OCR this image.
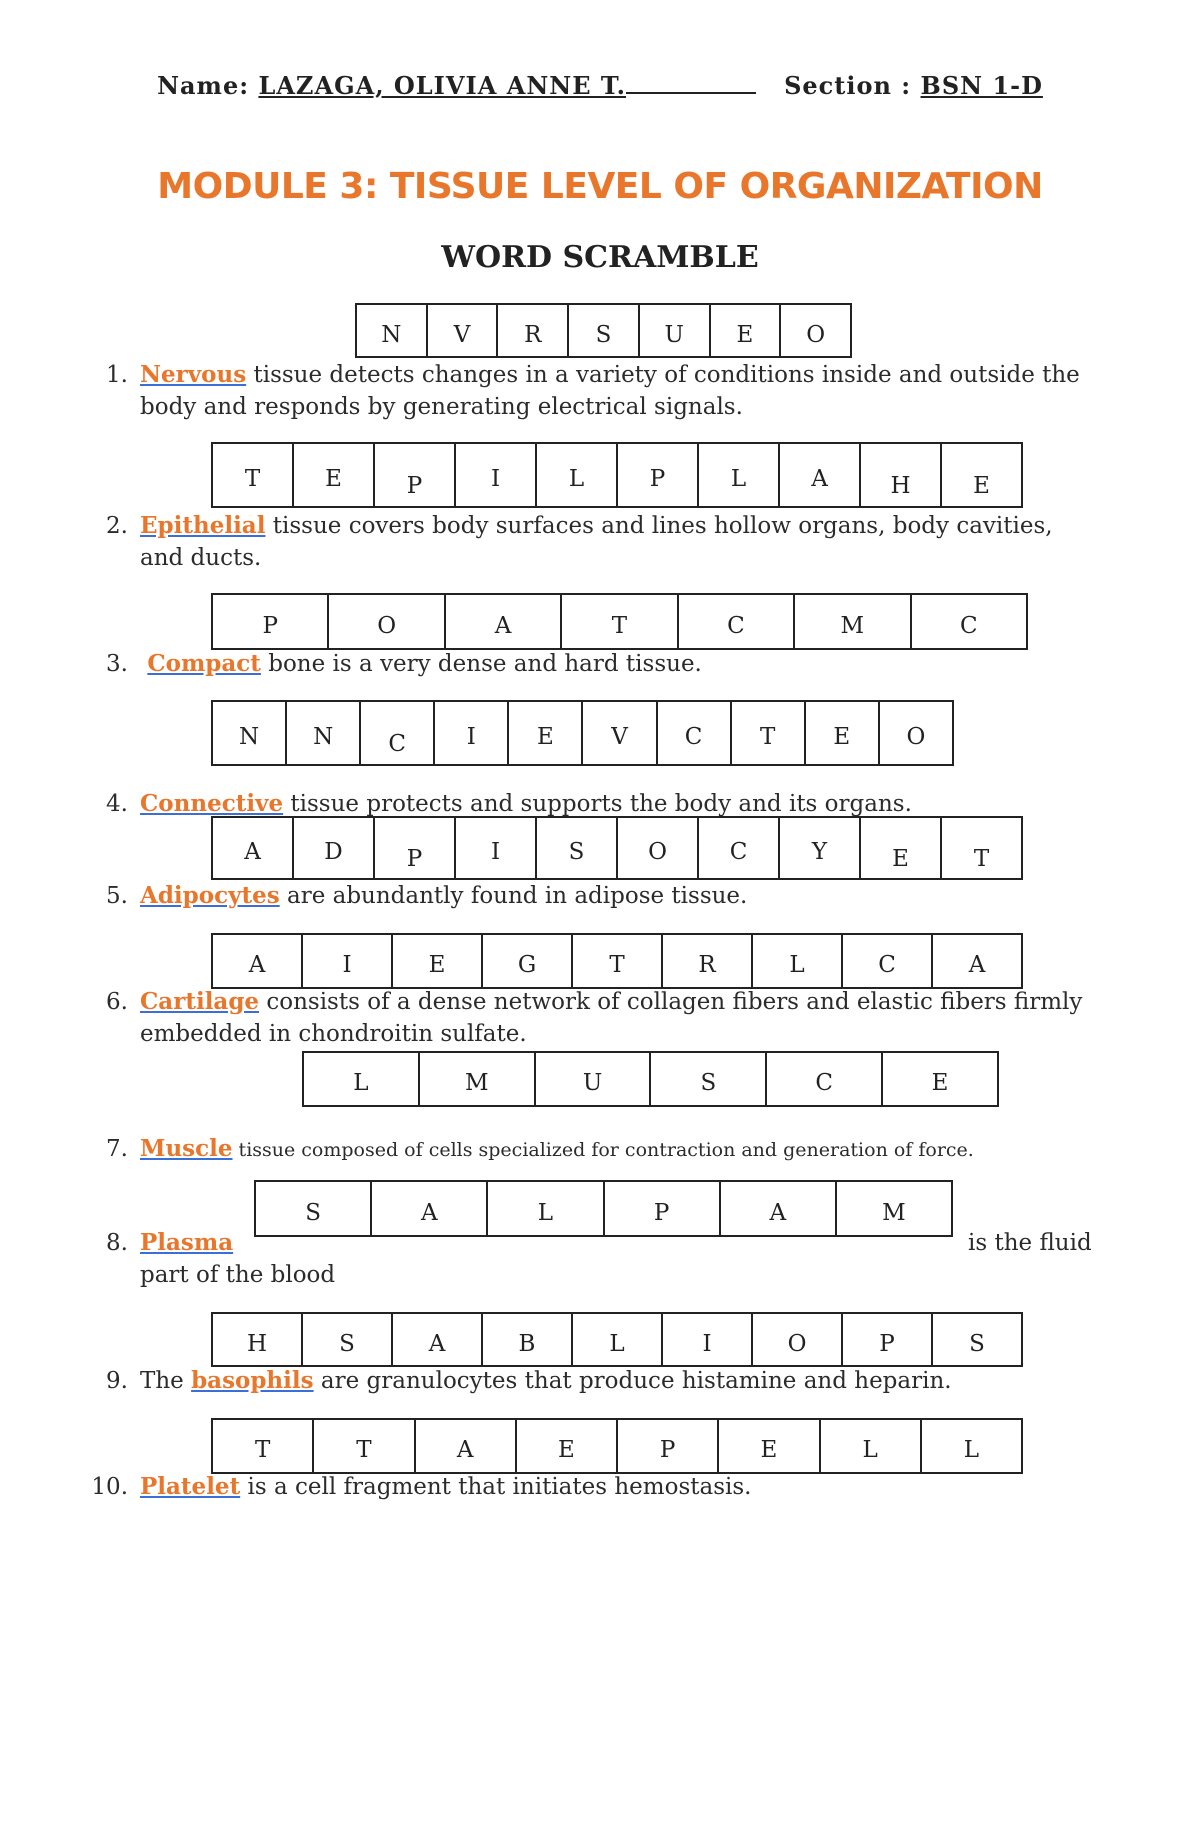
Name: LAZAGA, OLIVIA ANNE T.	Section : BSN 1-D
MODULE 3: TISSUE LEVEL OF ORGANIZATION
WORD SCRAMBLE
N	V	R	S	U	E	O
1. Nervous tissue detects changes in a variety of conditions inside and outside the
body and responds by generating electrical signals.
T	E	P	I	L	P	L	A	H	E
2. Epithelial tissue covers body surfaces and lines hollow organs, body cavities,
and ducts.
P	O	A	T	C	M	C
3. Compact bone is a very dense and hard tissue.
N	N	C	I	E	V	C	T	E	O
4. Connective tissue protects and supports the body and its organs.
A	D	P	I	S	O	C	Y	E	T
5. Adipocytes are abundantly found in adipose tissue.
A	I	E	G	T	R	L	C	A
6. Cartilage consists of a dense network of collagen fibers and elastic fibers firmly
embedded in chondroitin sulfate.
L	M	U	S	C	E
7. Muscle tissue composed of cells specialized for contraction and generation of force.
S	A	L	P	A	M
8. Plasma	is the fluid
part of the blood
H	S	A	B	L	I	O	P	S
9. The basophils are granulocytes that produce histamine and heparin.
T	T	A	E	P	E	L	L
10. Platelet is a cell fragment that initiates hemostasis.
